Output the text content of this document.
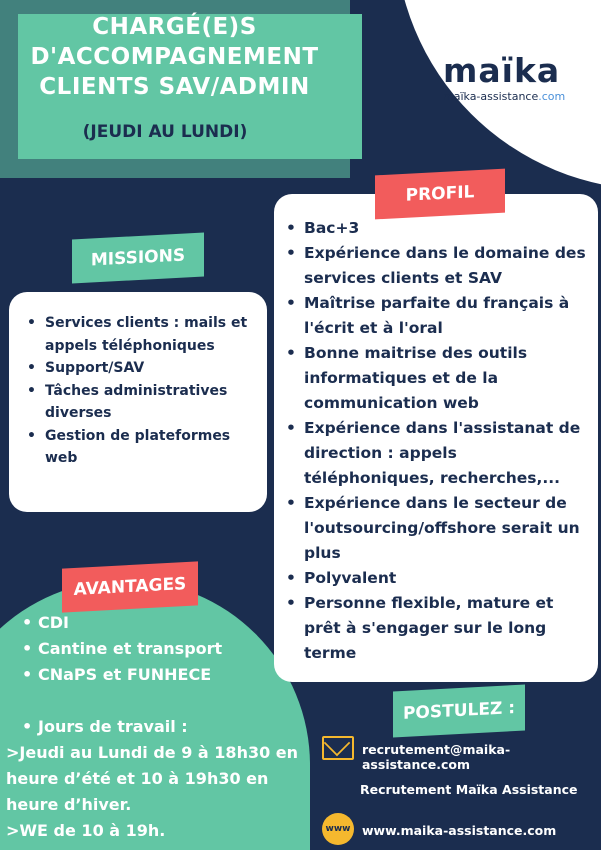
CHARGÉ(E)S
D'ACCOMPAGNEMENT
CLIENTS SAV/ADMIN
(JEUDI AU LUNDI)
maïka
maïka-assistance.com
• Bac+3
• Expérience dans le domaine des services clients et SAV
• Maîtrise parfaite du français à l'écrit et à l'oral
• Bonne maitrise des outils informatiques et de la communication web
• Expérience dans l'assistanat de direction : appels téléphoniques, recherches,...
• Expérience dans le secteur de l'outsourcing/offshore serait un plus
• Polyvalent
• Personne flexible, mature et prêt à s'engager sur le long terme
PROFIL
MISSIONS
• Services clients : mails et appels téléphoniques
• Support/SAV
• Tâches administratives diverses
• Gestion de plateformes web
AVANTAGES
• CDI
• Cantine et transport
• CNaPS et FUNHECE
• Jours de travail :
>Jeudi au Lundi de 9 à 18h30 en heure d’été et 10 à 19h30 en heure d’hiver.
>WE de 10 à 19h.
POSTULEZ :
recrutement@maika-assistance.com
Recrutement Maïka Assistance
www www.maika-assistance.com
